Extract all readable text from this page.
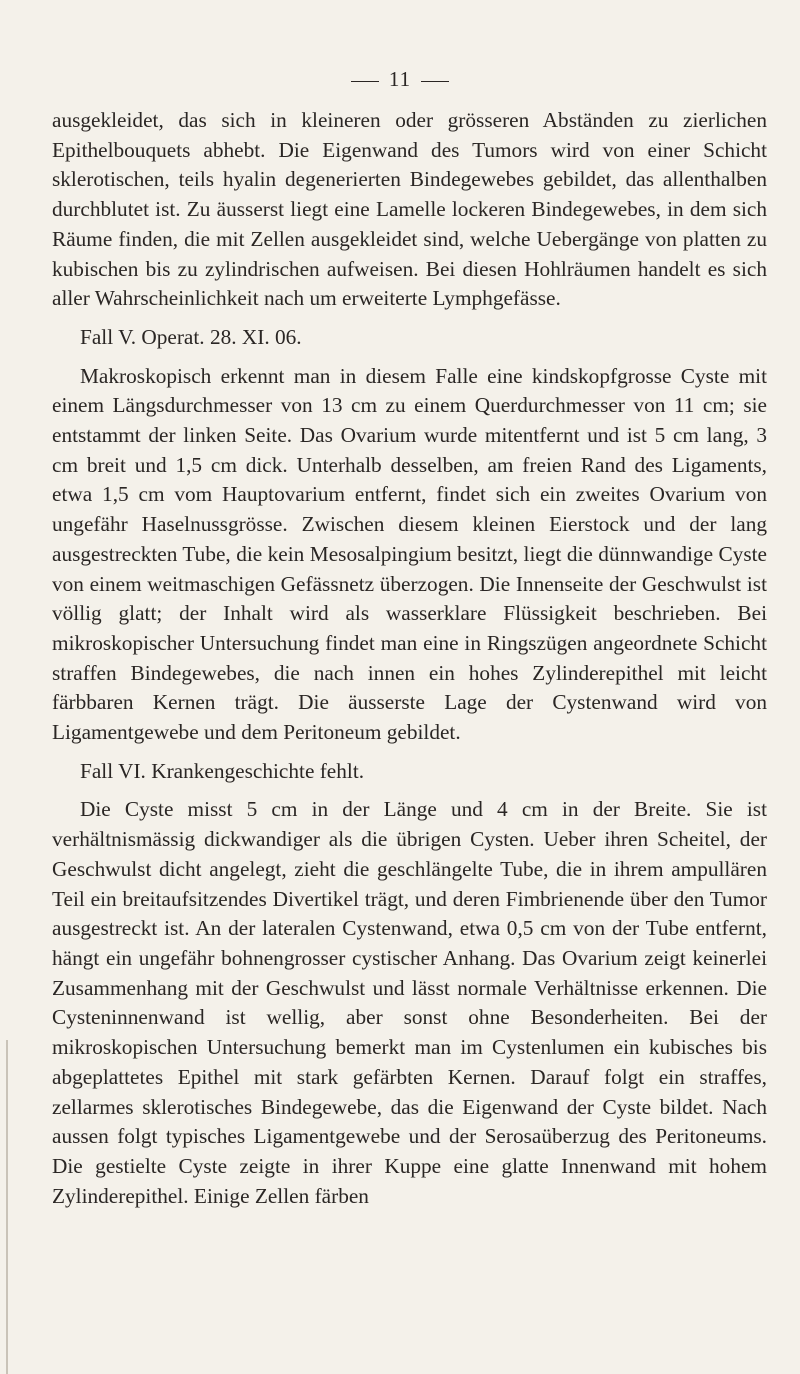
11

ausgekleidet, das sich in kleineren oder grösseren Abständen zu zierlichen Epithelbouquets abhebt. Die Eigenwand des Tumors wird von einer Schicht sklerotischen, teils hyalin degenerierten Bindegewebes gebildet, das allenthalben durchblutet ist. Zu äusserst liegt eine Lamelle lockeren Bindegewebes, in dem sich Räume finden, die mit Zellen ausgekleidet sind, welche Uebergänge von platten zu kubischen bis zu zylindrischen aufweisen. Bei diesen Hohlräumen handelt es sich aller Wahrscheinlichkeit nach um erweiterte Lymphgefässe.

Fall V. Operat. 28. XI. 06.

Makroskopisch erkennt man in diesem Falle eine kindskopfgrosse Cyste mit einem Längsdurchmesser von 13 cm zu einem Querdurchmesser von 11 cm; sie entstammt der linken Seite. Das Ovarium wurde mitentfernt und ist 5 cm lang, 3 cm breit und 1,5 cm dick. Unterhalb desselben, am freien Rand des Ligaments, etwa 1,5 cm vom Hauptovarium entfernt, findet sich ein zweites Ovarium von ungefähr Haselnussgrösse. Zwischen diesem kleinen Eierstock und der lang ausgestreckten Tube, die kein Mesosalpingium besitzt, liegt die dünnwandige Cyste von einem weitmaschigen Gefässnetz überzogen. Die Innenseite der Geschwulst ist völlig glatt; der Inhalt wird als wasserklare Flüssigkeit beschrieben. Bei mikroskopischer Untersuchung findet man eine in Ringszügen angeordnete Schicht straffen Bindegewebes, die nach innen ein hohes Zylinderepithel mit leicht färbbaren Kernen trägt. Die äusserste Lage der Cystenwand wird von Ligamentgewebe und dem Peritoneum gebildet.

Fall VI. Krankengeschichte fehlt.

Die Cyste misst 5 cm in der Länge und 4 cm in der Breite. Sie ist verhältnismässig dickwandiger als die übrigen Cysten. Ueber ihren Scheitel, der Geschwulst dicht angelegt, zieht die geschlängelte Tube, die in ihrem ampullären Teil ein breitaufsitzendes Divertikel trägt, und deren Fimbrienende über den Tumor ausgestreckt ist. An der lateralen Cystenwand, etwa 0,5 cm von der Tube entfernt, hängt ein ungefähr bohnengrosser cystischer Anhang. Das Ovarium zeigt keinerlei Zusammenhang mit der Geschwulst und lässt normale Verhältnisse erkennen. Die Cysteninnenwand ist wellig, aber sonst ohne Besonderheiten. Bei der mikroskopischen Untersuchung bemerkt man im Cystenlumen ein kubisches bis abgeplattetes Epithel mit stark gefärbten Kernen. Darauf folgt ein straffes, zellarmes sklerotisches Bindegewebe, das die Eigenwand der Cyste bildet. Nach aussen folgt typisches Ligamentgewebe und der Serosaüberzug des Peritoneums. Die gestielte Cyste zeigte in ihrer Kuppe eine glatte Innenwand mit hohem Zylinderepithel. Einige Zellen färben
